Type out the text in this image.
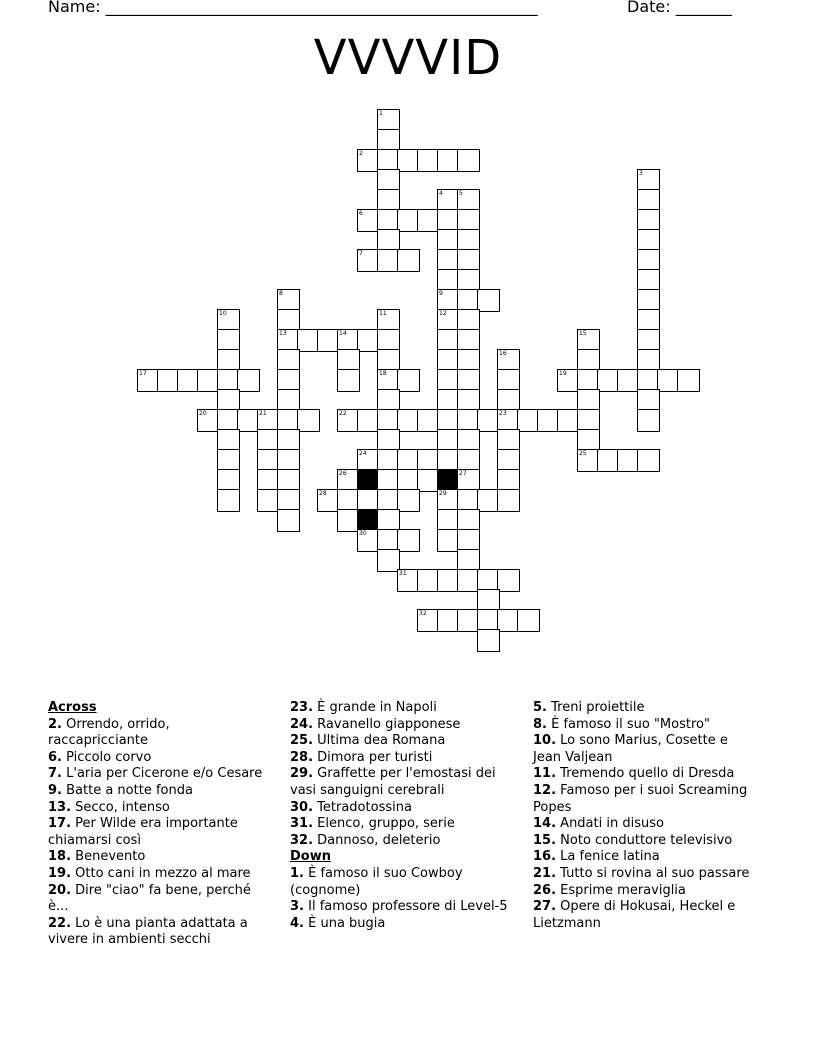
Name: ______________________________________________________	Date: _______
VVVVID
1
2
3
4	5
6
7
8	9
10	11	12
13	14	15
16
17	18	19
20	21	22	23
24	25
26	27
28	29
30
31
32
Across
2. Orrendo, orrido, raccapricciante
6. Piccolo corvo
7. L'aria per Cicerone e/o Cesare
9. Batte a notte fonda
13. Secco, intenso
17. Per Wilde era importante chiamarsi così
18. Benevento
19. Otto cani in mezzo al mare
20. Dire "ciao" fa bene, perché è...
22. Lo è una pianta adattata a vivere in ambienti secchi
23. È grande in Napoli
24. Ravanello giapponese
25. Ultima dea Romana
28. Dimora per turisti
29. Graffette per l'emostasi dei vasi sanguigni cerebrali
30. Tetradotossina
31. Elenco, gruppo, serie
32. Dannoso, deleterio
Down
1. È famoso il suo Cowboy (cognome)
3. Il famoso professore di Level-5
4. È una bugia
5. Treni proiettile
8. È famoso il suo "Mostro"
10. Lo sono Marius, Cosette e Jean Valjean
11. Tremendo quello di Dresda
12. Famoso per i suoi Screaming Popes
14. Andati in disuso
15. Noto conduttore televisivo
16. La fenice latina
21. Tutto si rovina al suo passare
26. Esprime meraviglia
27. Opere di Hokusai, Heckel e Lietzmann
